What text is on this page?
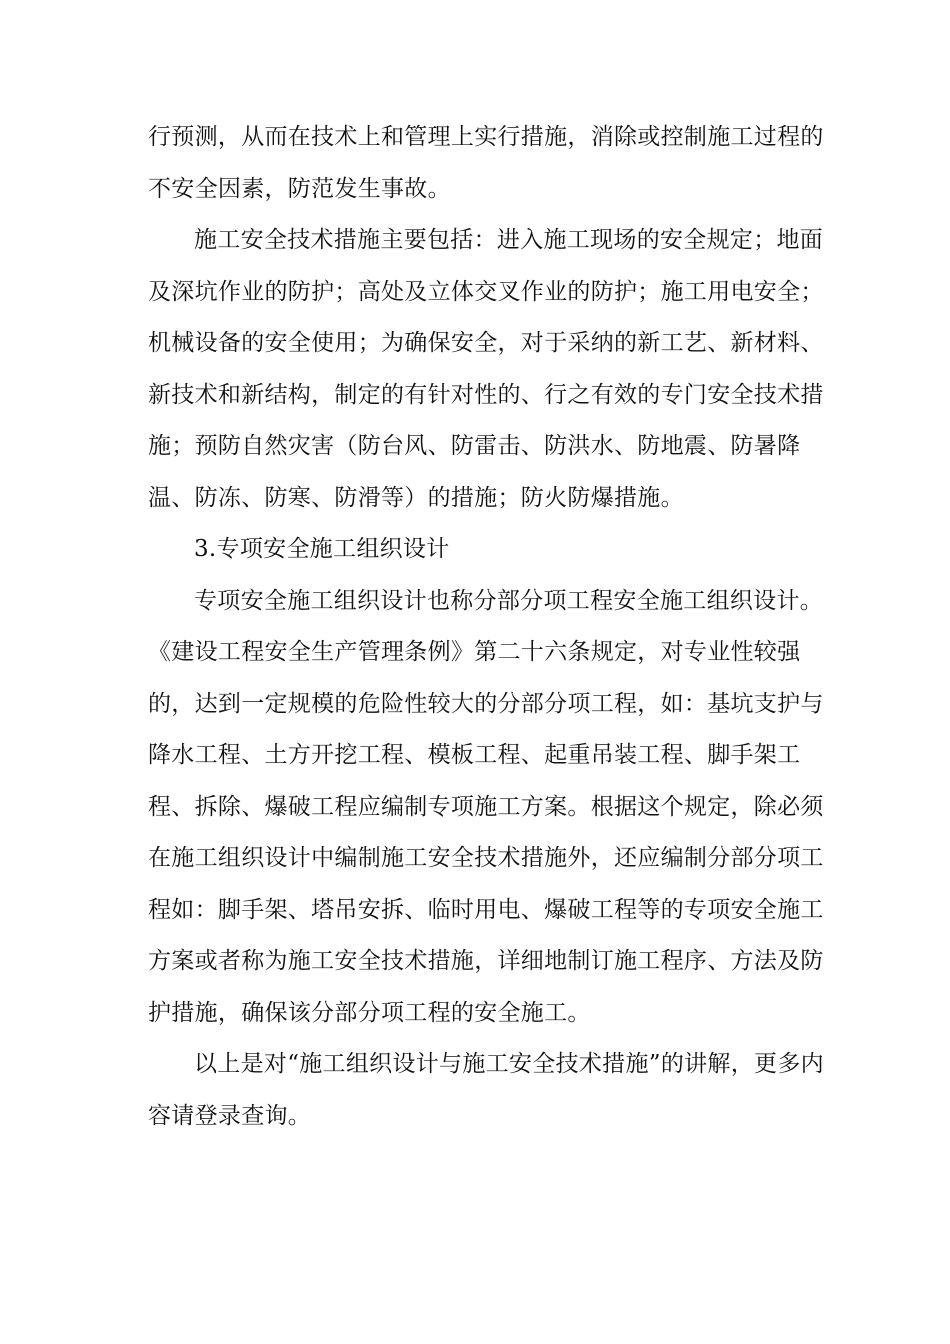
行预测，从而在技术上和管理上实行措施，消除或控制施工过程的
不安全因素，防范发生事故。
施工安全技术措施主要包括：进入施工现场的安全规定；地面
及深坑作业的防护；高处及立体交叉作业的防护；施工用电安全；
机械设备的安全使用；为确保安全，对于采纳的新工艺、新材料、
新技术和新结构，制定的有针对性的、行之有效的专门安全技术措
施；预防自然灾害（防台风、防雷击、防洪水、防地震、防暑降
温、防冻、防寒、防滑等）的措施；防火防爆措施。
3.专项安全施工组织设计
专项安全施工组织设计也称分部分项工程安全施工组织设计。
《建设工程安全生产管理条例》第二十六条规定，对专业性较强
的，达到一定规模的危险性较大的分部分项工程，如：基坑支护与
降水工程、土方开挖工程、模板工程、起重吊装工程、脚手架工
程、拆除、爆破工程应编制专项施工方案。根据这个规定，除必须
在施工组织设计中编制施工安全技术措施外，还应编制分部分项工
程如：脚手架、塔吊安拆、临时用电、爆破工程等的专项安全施工
方案或者称为施工安全技术措施，详细地制订施工程序、方法及防
护措施，确保该分部分项工程的安全施工。
以上是对“施工组织设计与施工安全技术措施”的讲解，更多内
容请登录查询。
